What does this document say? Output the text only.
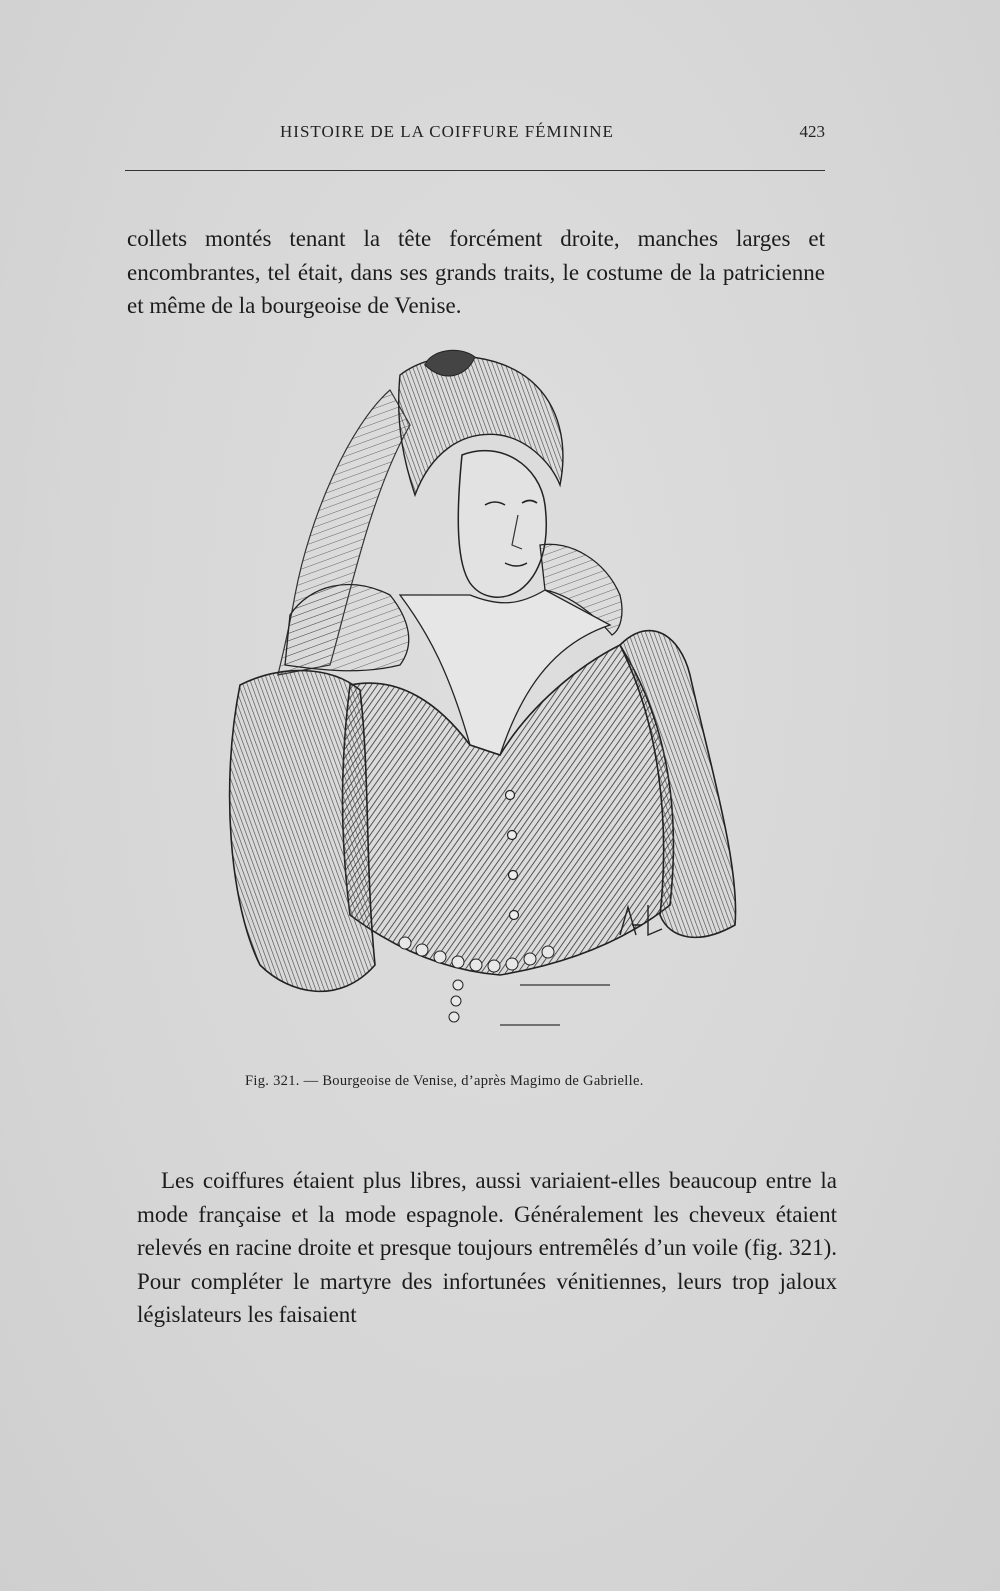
HISTOIRE DE LA COIFFURE FÉMININE	423

collets montés tenant la tête forcément droite, manches larges et encombrantes, tel était, dans ses grands traits, le costume de la patricienne et même de la bourgeoise de Venise.

Fig. 321. — Bourgeoise de Venise, d’après Magimo de Gabrielle.

Les coiffures étaient plus libres, aussi variaient-elles beaucoup entre la mode française et la mode espagnole. Généralement les cheveux étaient relevés en racine droite et presque toujours entremêlés d’un voile (fig. 321). Pour compléter le martyre des infortunées vénitiennes, leurs trop jaloux législateurs les faisaient
